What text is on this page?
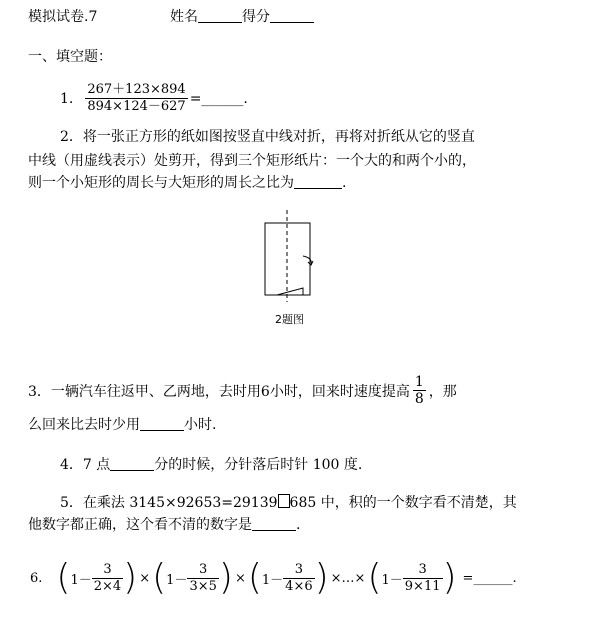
模拟试卷.7	姓名	得分
一、填空题：
1. $\frac{267+123\times 894}{894\times 124-627}$ =______.
2．将一张正方形的纸如图按竖直中线对折，再将对折纸从它的竖直
中线（用虚线表示）处剪开，得到三个矩形纸片：一个大的和两个小的，
则一个小矩形的周长与大矩形的周长之比为	.
2题图
3．一辆汽车往返甲、乙两地，去时用6小时，回来时速度提高 $\frac{1}{8}$ ，那
么回来比去时少用	小时.
4．7 点	分的时候，分针落后时针 100 度.
5．在乘法 3145×92653=29139 685 中，积的一个数字看不清楚，其
他数字都正确，这个看不清的数字是	.
6. ( $1- \frac{3}{2\times 4}$ ) × ( $1- \frac{3}{3\times 5}$ ) × ( $1- \frac{3}{4\times 6}$ ) ×…× ( $1- \frac{3}{9\times 11}$ ) =______.
